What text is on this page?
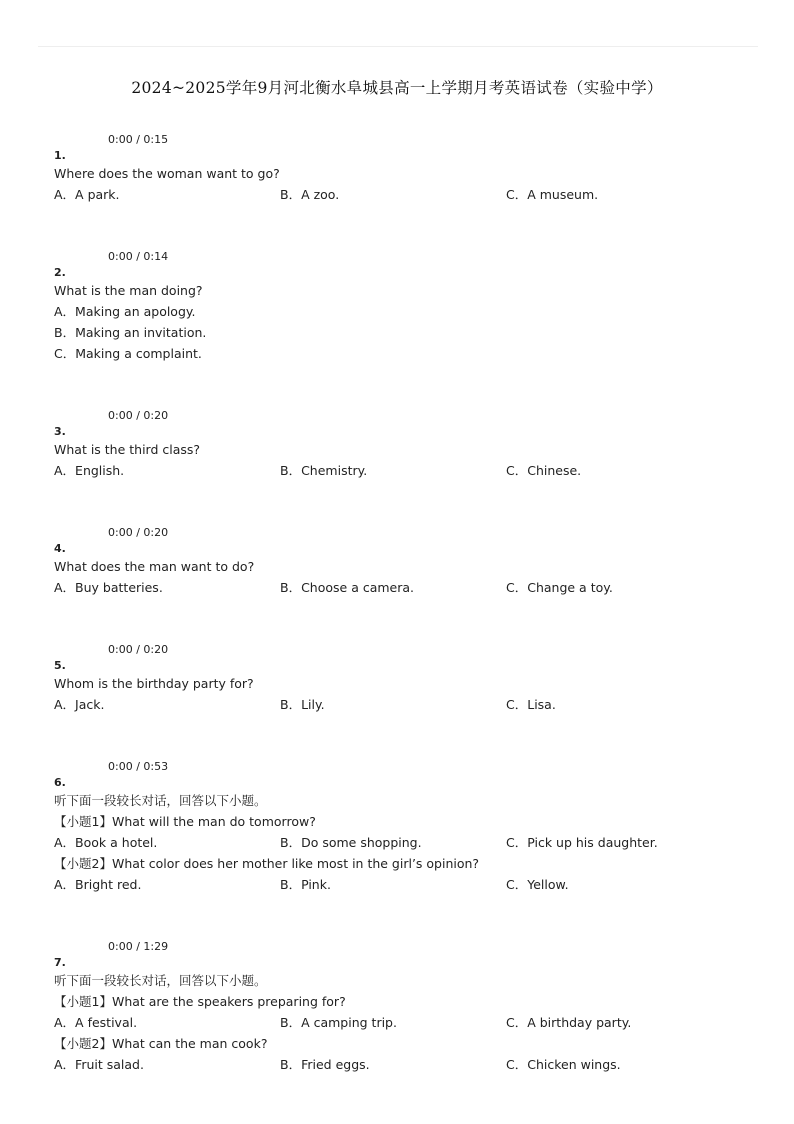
2024~2025学年9月河北衡水阜城县高一上学期月考英语试卷（实验中学）
0:00 / 0:15
1.
Where does the woman want to go?
A．A park.	B．A zoo.	C．A museum.
0:00 / 0:14
2.
What is the man doing?
A．Making an apology.
B．Making an invitation.
C．Making a complaint.
0:00 / 0:20
3.
What is the third class?
A．English.	B．Chemistry.	C．Chinese.
0:00 / 0:20
4.
What does the man want to do?
A．Buy batteries.	B．Choose a camera.	C．Change a toy.
0:00 / 0:20
5.
Whom is the birthday party for?
A．Jack.	B．Lily.	C．Lisa.
0:00 / 0:53
6.
听下面一段较长对话，回答以下小题。
【小题1】What will the man do tomorrow?
A．Book a hotel.	B．Do some shopping.	C．Pick up his daughter.
【小题2】What color does her mother like most in the girl’s opinion?
A．Bright red.	B．Pink.	C．Yellow.
0:00 / 1:29
7.
听下面一段较长对话，回答以下小题。
【小题1】What are the speakers preparing for?
A．A festival.	B．A camping trip.	C．A birthday party.
【小题2】What can the man cook?
A．Fruit salad.	B．Fried eggs.	C．Chicken wings.
